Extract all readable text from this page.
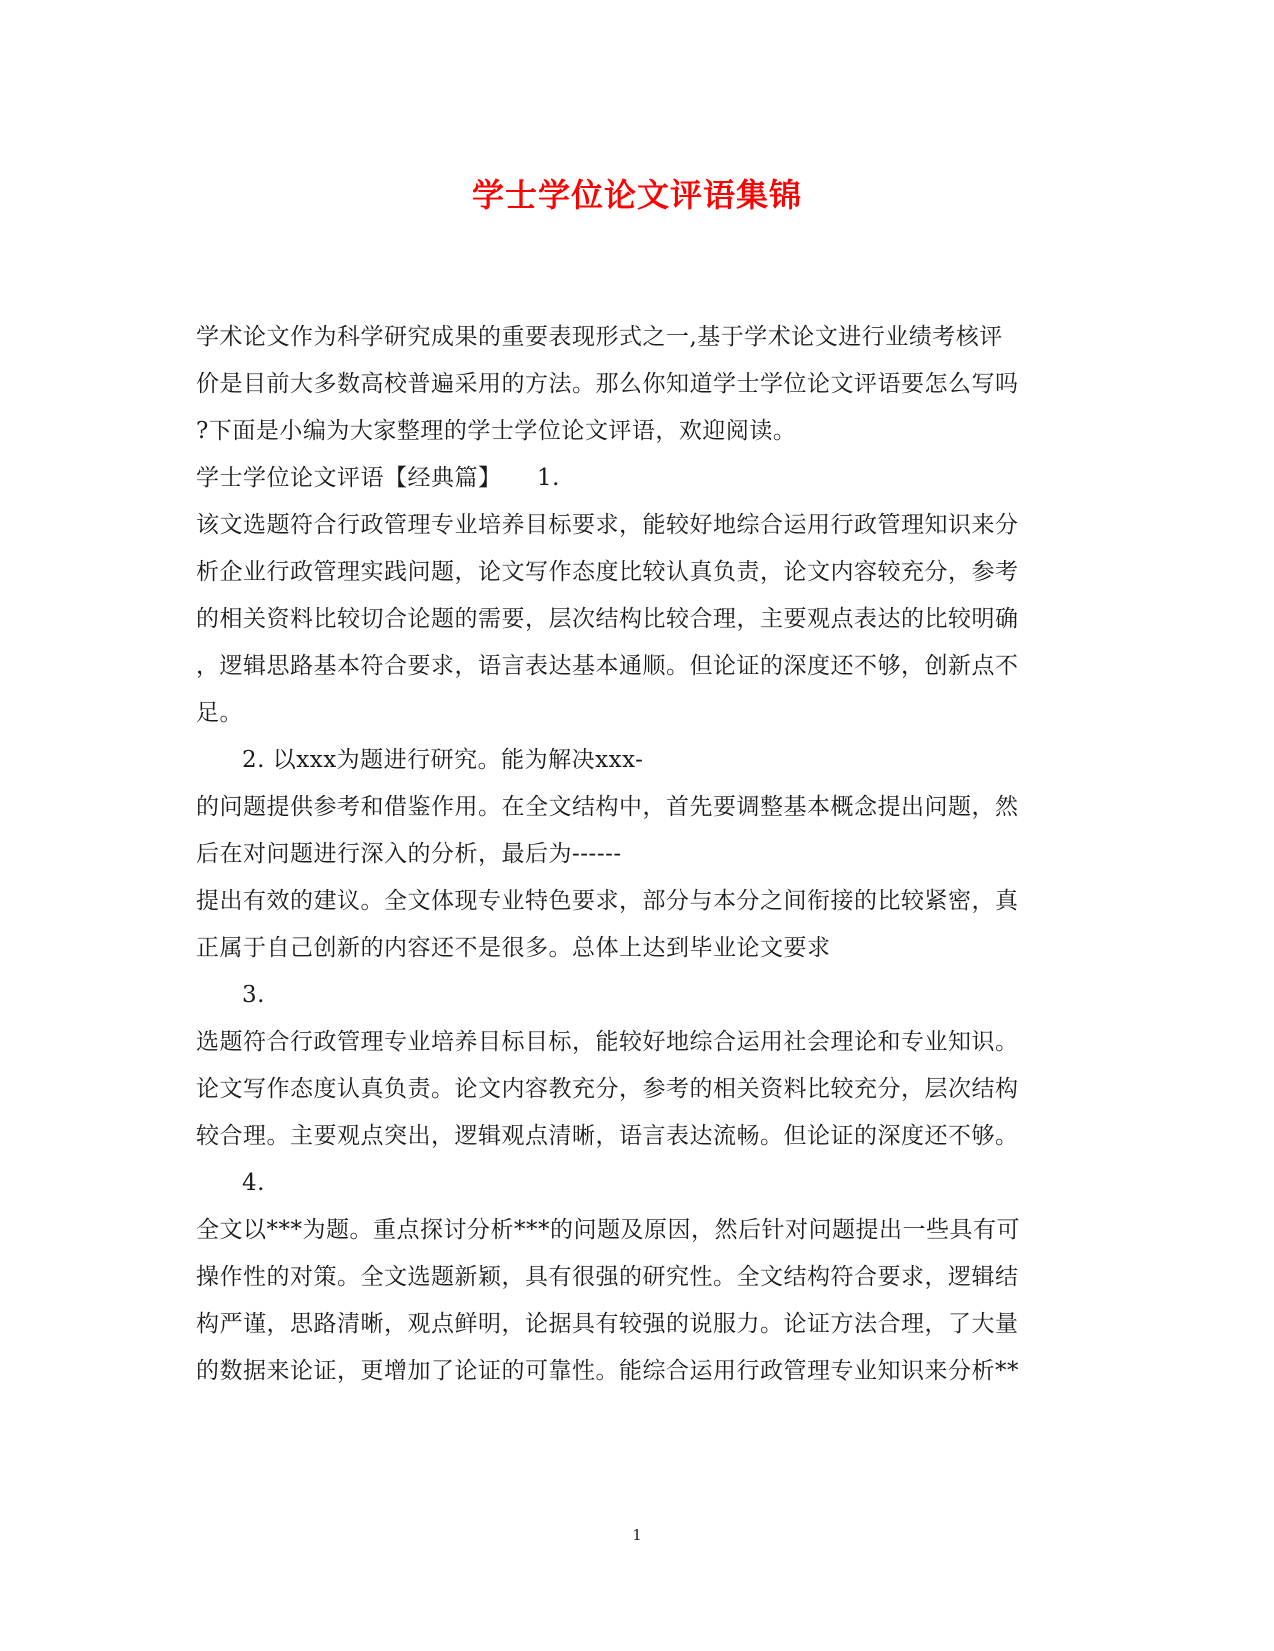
学士学位论文评语集锦
学术论文作为科学研究成果的重要表现形式之一,基于学术论文进行业绩考核评
价是目前大多数高校普遍采用的方法。那么你知道学士学位论文评语要怎么写吗
?下面是小编为大家整理的学士学位论文评语，欢迎阅读。
学士学位论文评语【经典篇】　　1.
该文选题符合行政管理专业培养目标要求，能较好地综合运用行政管理知识来分
析企业行政管理实践问题，论文写作态度比较认真负责，论文内容较充分，参考
的相关资料比较切合论题的需要，层次结构比较合理，主要观点表达的比较明确
，逻辑思路基本符合要求，语言表达基本通顺。但论证的深度还不够，创新点不
足。
2. 以xxx为题进行研究。能为解决xxx-
的问题提供参考和借鉴作用。在全文结构中，首先要调整基本概念提出问题，然
后在对问题进行深入的分析，最后为------
提出有效的建议。全文体现专业特色要求，部分与本分之间衔接的比较紧密，真
正属于自己创新的内容还不是很多。总体上达到毕业论文要求
3.
选题符合行政管理专业培养目标目标，能较好地综合运用社会理论和专业知识。
论文写作态度认真负责。论文内容教充分，参考的相关资料比较充分，层次结构
较合理。主要观点突出，逻辑观点清晰，语言表达流畅。但论证的深度还不够。
4.
全文以***为题。重点探讨分析***的问题及原因，然后针对问题提出一些具有可
操作性的对策。全文选题新颖，具有很强的研究性。全文结构符合要求，逻辑结
构严谨，思路清晰，观点鲜明，论据具有较强的说服力。论证方法合理，了大量
的数据来论证，更增加了论证的可靠性。能综合运用行政管理专业知识来分析**
1
